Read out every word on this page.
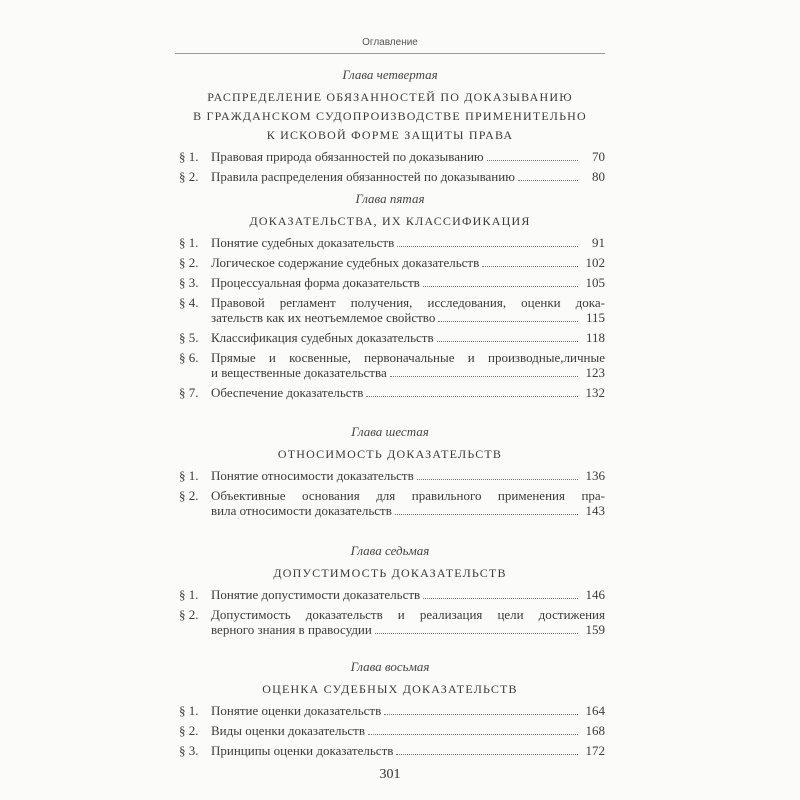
Оглавление
Глава четвертая
РАСПРЕДЕЛЕНИЕ ОБЯЗАННОСТЕЙ ПО ДОКАЗЫВАНИЮ
В ГРАЖДАНСКОМ СУДОПРОИЗВОДСТВЕ ПРИМЕНИТЕЛЬНО
К ИСКОВОЙ ФОРМЕ ЗАЩИТЫ ПРАВА
§ 1. Правовая природа обязанностей по доказыванию	70
§ 2. Правила распределения обязанностей по доказыванию	80
Глава пятая
ДОКАЗАТЕЛЬСТВА, ИХ КЛАССИФИКАЦИЯ
§ 1. Понятие судебных доказательств	91
§ 2. Логическое содержание судебных доказательств	102
§ 3. Процессуальная форма доказательств	105
§ 4. Правовой регламент получения, исследования, оценки дока-
зательств как их неотъемлемое свойство	115
§ 5. Классификация судебных доказательств	118
§ 6. Прямые и косвенные, первоначальные и производные,личные
и вещественные доказательства	123
§ 7. Обеспечение доказательств	132
Глава шестая
ОТНОСИМОСТЬ ДОКАЗАТЕЛЬСТВ
§ 1. Понятие относимости доказательств	136
§ 2. Объективные основания для правильного применения пра-
вила относимости доказательств	143
Глава седьмая
ДОПУСТИМОСТЬ ДОКАЗАТЕЛЬСТВ
§ 1. Понятие допустимости доказательств	146
§ 2. Допустимость доказательств и реализация цели достижения
верного знания в правосудии	159
Глава восьмая
ОЦЕНКА СУДЕБНЫХ ДОКАЗАТЕЛЬСТВ
§ 1. Понятие оценки доказательств	164
§ 2. Виды оценки доказательств	168
§ 3. Принципы оценки доказательств	172
301
